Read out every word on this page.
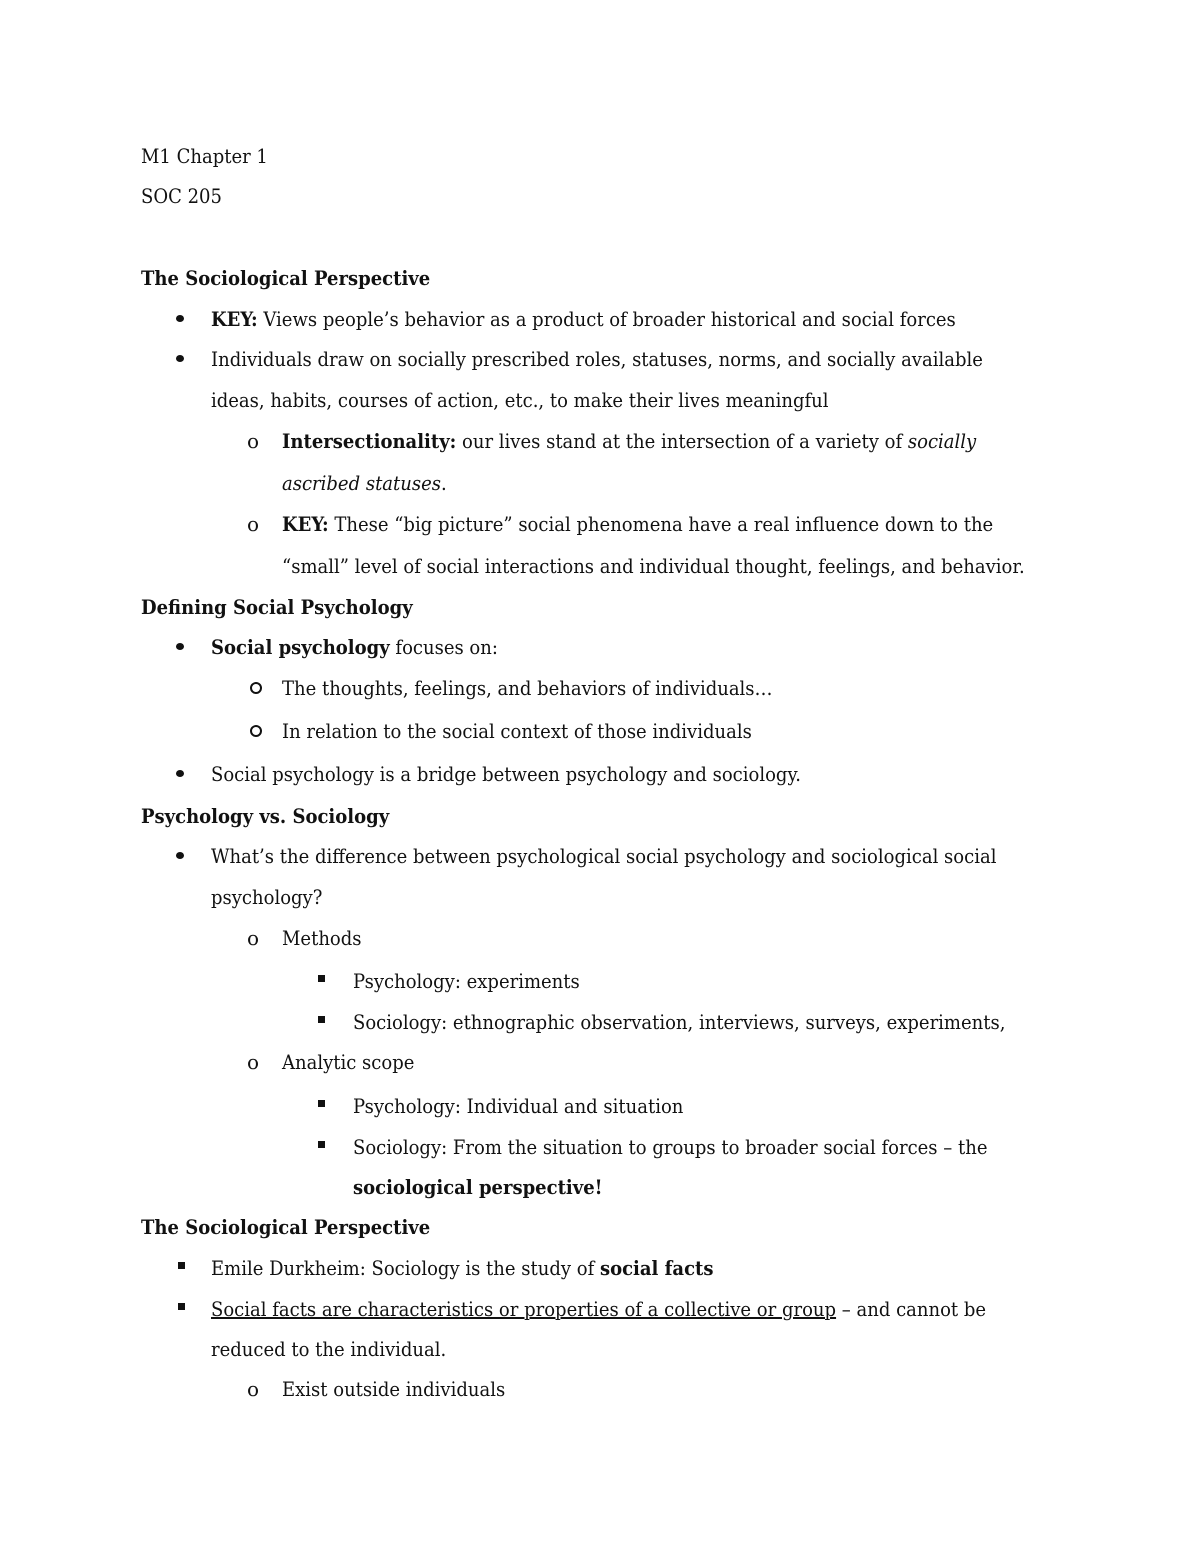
M1 Chapter 1

SOC 205

The Sociological Perspective

KEY: Views people’s behavior as a product of broader historical and social forces

Individuals draw on socially prescribed roles, statuses, norms, and socially available

ideas, habits, courses of action, etc., to make their lives meaningful

o Intersectionality: our lives stand at the intersection of a variety of socially

ascribed statuses.

o KEY: These “big picture” social phenomena have a real influence down to the

“small” level of social interactions and individual thought, feelings, and behavior.

Defining Social Psychology

Social psychology focuses on:

The thoughts, feelings, and behaviors of individuals…

In relation to the social context of those individuals

Social psychology is a bridge between psychology and sociology.

Psychology vs. Sociology

What’s the difference between psychological social psychology and sociological social

psychology?

o Methods

Psychology: experiments

Sociology: ethnographic observation, interviews, surveys, experiments,

o Analytic scope

Psychology: Individual and situation

Sociology: From the situation to groups to broader social forces – the

sociological perspective!

The Sociological Perspective

Emile Durkheim: Sociology is the study of social facts

Social facts are characteristics or properties of a collective or group – and cannot be

reduced to the individual.

o Exist outside individuals
